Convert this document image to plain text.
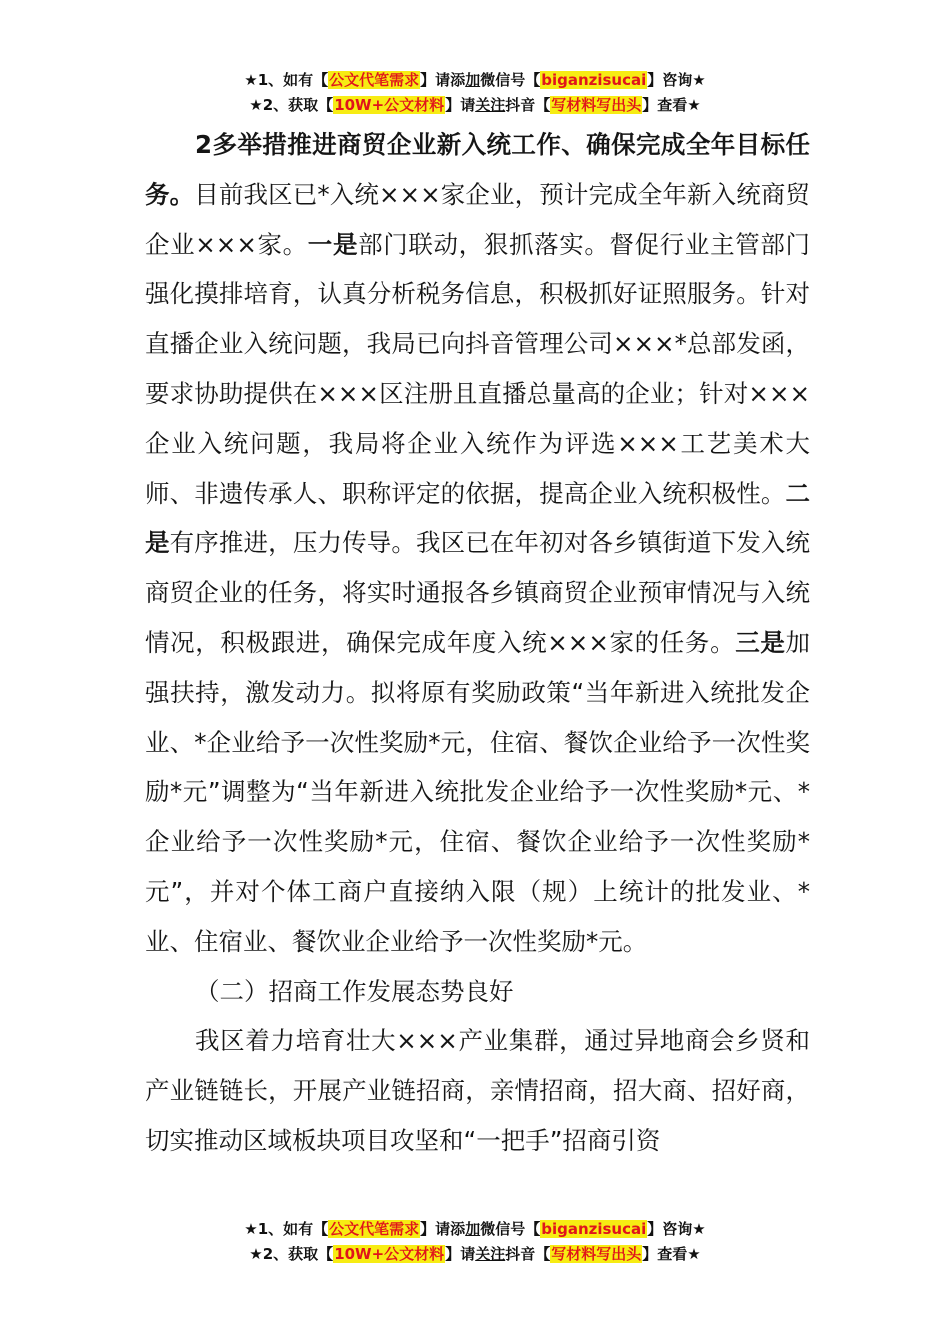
★1、如有【公文代笔需求】请添加微信号【biganzisucai】咨询★
★2、获取【10W+公文材料】请关注抖音【写材料写出头】查看★

2多举措推进商贸企业新入统工作、确保完成全年目标任务。目前我区已*入统×××家企业，预计完成全年新入统商贸企业×××家。一是部门联动，狠抓落实。督促行业主管部门强化摸排培育，认真分析税务信息，积极抓好证照服务。针对直播企业入统问题，我局已向抖音管理公司×××*总部发函，要求协助提供在×××区注册且直播总量高的企业；针对×××企业入统问题，我局将企业入统作为评选×××工艺美术大师、非遗传承人、职称评定的依据，提高企业入统积极性。二是有序推进，压力传导。我区已在年初对各乡镇街道下发入统商贸企业的任务，将实时通报各乡镇商贸企业预审情况与入统情况，积极跟进，确保完成年度入统×××家的任务。三是加强扶持，激发动力。拟将原有奖励政策“当年新进入统批发企业、*企业给予一次性奖励*元，住宿、餐饮企业给予一次性奖励*元”调整为“当年新进入统批发企业给予一次性奖励*元、*企业给予一次性奖励*元，住宿、餐饮企业给予一次性奖励*元”，并对个体工商户直接纳入限（规）上统计的批发业、*业、住宿业、餐饮业企业给予一次性奖励*元。

（二）招商工作发展态势良好

我区着力培育壮大×××产业集群，通过异地商会乡贤和产业链链长，开展产业链招商，亲情招商，招大商、招好商，切实推动区域板块项目攻坚和“一把手”招商引资

★1、如有【公文代笔需求】请添加微信号【biganzisucai】咨询★
★2、获取【10W+公文材料】请关注抖音【写材料写出头】查看★
